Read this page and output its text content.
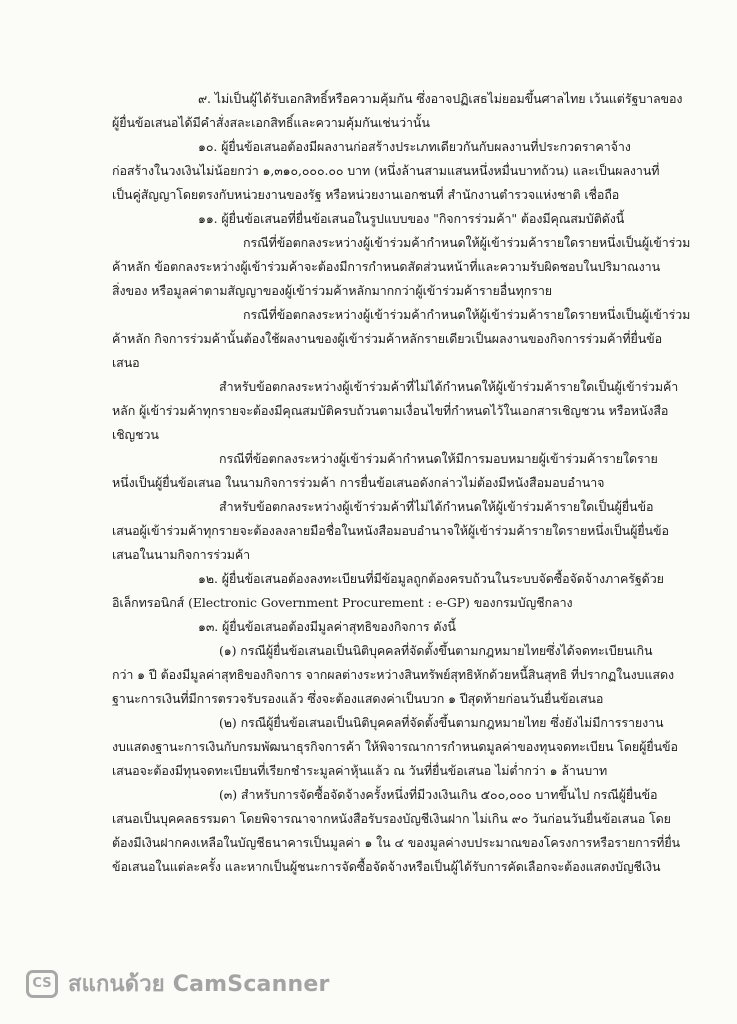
๙. ไม่เป็นผู้ได้รับเอกสิทธิ์หรือความคุ้มกัน ซึ่งอาจปฏิเสธไม่ยอมขึ้นศาลไทย เว้นแต่รัฐบาลของ
ผู้ยื่นข้อเสนอได้มีคำสั่งสละเอกสิทธิ์และความคุ้มกันเช่นว่านั้น
๑๐. ผู้ยื่นข้อเสนอต้องมีผลงานก่อสร้างประเภทเดียวกันกับผลงานที่ประกวดราคาจ้าง
ก่อสร้างในวงเงินไม่น้อยกว่า ๑,๓๑๐,๐๐๐.๐๐ บาท (หนึ่งล้านสามแสนหนึ่งหมื่นบาทถ้วน) และเป็นผลงานที่
เป็นคู่สัญญาโดยตรงกับหน่วยงานของรัฐ หรือหน่วยงานเอกชนที่ สำนักงานตำรวจแห่งชาติ เชื่อถือ
๑๑. ผู้ยื่นข้อเสนอที่ยื่นข้อเสนอในรูปแบบของ "กิจการร่วมค้า" ต้องมีคุณสมบัติดังนี้
กรณีที่ข้อตกลงระหว่างผู้เข้าร่วมค้ากำหนดให้ผู้เข้าร่วมค้ารายใดรายหนึ่งเป็นผู้เข้าร่วม
ค้าหลัก ข้อตกลงระหว่างผู้เข้าร่วมค้าจะต้องมีการกำหนดสัดส่วนหน้าที่และความรับผิดชอบในปริมาณงาน
สิ่งของ หรือมูลค่าตามสัญญาของผู้เข้าร่วมค้าหลักมากกว่าผู้เข้าร่วมค้ารายอื่นทุกราย
กรณีที่ข้อตกลงระหว่างผู้เข้าร่วมค้ากำหนดให้ผู้เข้าร่วมค้ารายใดรายหนึ่งเป็นผู้เข้าร่วม
ค้าหลัก กิจการร่วมค้านั้นต้องใช้ผลงานของผู้เข้าร่วมค้าหลักรายเดียวเป็นผลงานของกิจการร่วมค้าที่ยื่นข้อ
เสนอ
สำหรับข้อตกลงระหว่างผู้เข้าร่วมค้าที่ไม่ได้กำหนดให้ผู้เข้าร่วมค้ารายใดเป็นผู้เข้าร่วมค้า
หลัก ผู้เข้าร่วมค้าทุกรายจะต้องมีคุณสมบัติครบถ้วนตามเงื่อนไขที่กำหนดไว้ในเอกสารเชิญชวน หรือหนังสือ
เชิญชวน
กรณีที่ข้อตกลงระหว่างผู้เข้าร่วมค้ากำหนดให้มีการมอบหมายผู้เข้าร่วมค้ารายใดราย
หนึ่งเป็นผู้ยื่นข้อเสนอ ในนามกิจการร่วมค้า การยื่นข้อเสนอดังกล่าวไม่ต้องมีหนังสือมอบอำนาจ
สำหรับข้อตกลงระหว่างผู้เข้าร่วมค้าที่ไม่ได้กำหนดให้ผู้เข้าร่วมค้ารายใดเป็นผู้ยื่นข้อ
เสนอผู้เข้าร่วมค้าทุกรายจะต้องลงลายมือชื่อในหนังสือมอบอำนาจให้ผู้เข้าร่วมค้ารายใดรายหนึ่งเป็นผู้ยื่นข้อ
เสนอในนามกิจการร่วมค้า
๑๒. ผู้ยื่นข้อเสนอต้องลงทะเบียนที่มีข้อมูลถูกต้องครบถ้วนในระบบจัดซื้อจัดจ้างภาครัฐด้วย
อิเล็กทรอนิกส์ (Electronic Government Procurement : e-GP) ของกรมบัญชีกลาง
๑๓. ผู้ยื่นข้อเสนอต้องมีมูลค่าสุทธิของกิจการ ดังนี้
(๑) กรณีผู้ยื่นข้อเสนอเป็นนิติบุคคลที่จัดตั้งขึ้นตามกฎหมายไทยซึ่งได้จดทะเบียนเกิน
กว่า ๑ ปี ต้องมีมูลค่าสุทธิของกิจการ จากผลต่างระหว่างสินทรัพย์สุทธิหักด้วยหนี้สินสุทธิ ที่ปรากฏในงบแสดง
ฐานะการเงินที่มีการตรวจรับรองแล้ว ซึ่งจะต้องแสดงค่าเป็นบวก ๑ ปีสุดท้ายก่อนวันยื่นข้อเสนอ
(๒) กรณีผู้ยื่นข้อเสนอเป็นนิติบุคคลที่จัดตั้งขึ้นตามกฎหมายไทย ซึ่งยังไม่มีการรายงาน
งบแสดงฐานะการเงินกับกรมพัฒนาธุรกิจการค้า ให้พิจารณาการกำหนดมูลค่าของทุนจดทะเบียน โดยผู้ยื่นข้อ
เสนอจะต้องมีทุนจดทะเบียนที่เรียกชำระมูลค่าหุ้นแล้ว ณ วันที่ยื่นข้อเสนอ ไม่ต่ำกว่า ๑ ล้านบาท
(๓) สำหรับการจัดซื้อจัดจ้างครั้งหนึ่งที่มีวงเงินเกิน ๕๐๐,๐๐๐ บาทขึ้นไป กรณีผู้ยื่นข้อ
เสนอเป็นบุคคลธรรมดา โดยพิจารณาจากหนังสือรับรองบัญชีเงินฝาก ไม่เกิน ๙๐ วันก่อนวันยื่นข้อเสนอ โดย
ต้องมีเงินฝากคงเหลือในบัญชีธนาคารเป็นมูลค่า ๑ ใน ๔ ของมูลค่างบประมาณของโครงการหรือรายการที่ยื่น
ข้อเสนอในแต่ละครั้ง และหากเป็นผู้ชนะการจัดซื้อจัดจ้างหรือเป็นผู้ได้รับการคัดเลือกจะต้องแสดงบัญชีเงิน
CS สแกนด้วย CamScanner
